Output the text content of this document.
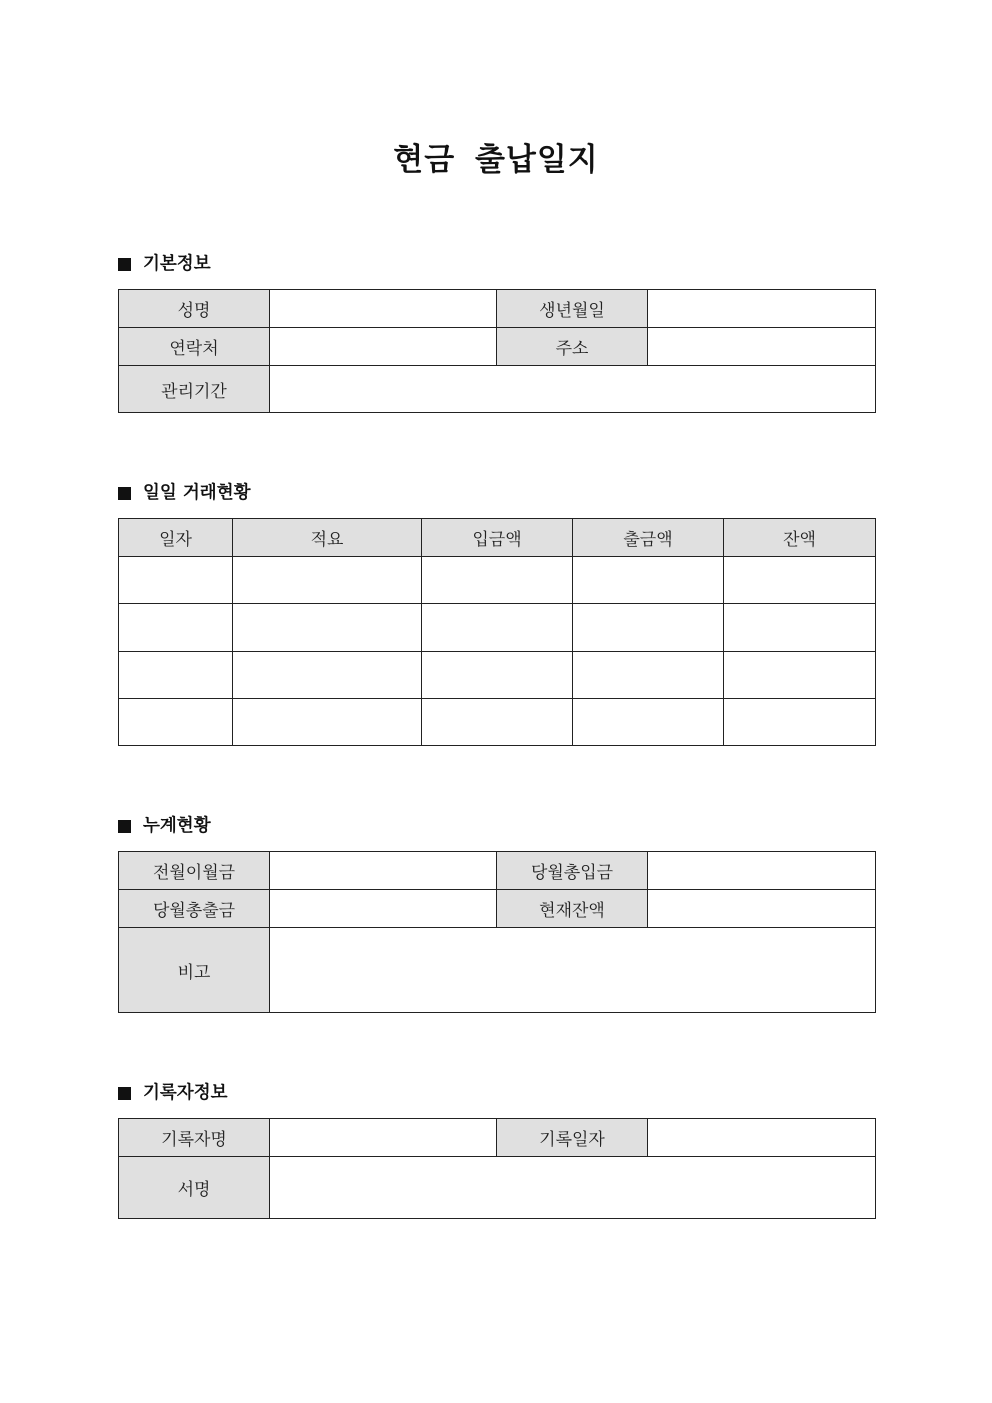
현금 출납일지
기본정보
성명		생년월일	
연락처		주소	
관리기간			
일일 거래현황
일자	적요	입금액	출금액	잔액

누계현황
전월이월금		당월총입금	
당월총출금		현재잔액	
비고			
기록자정보
기록자명		기록일자	
서명			
